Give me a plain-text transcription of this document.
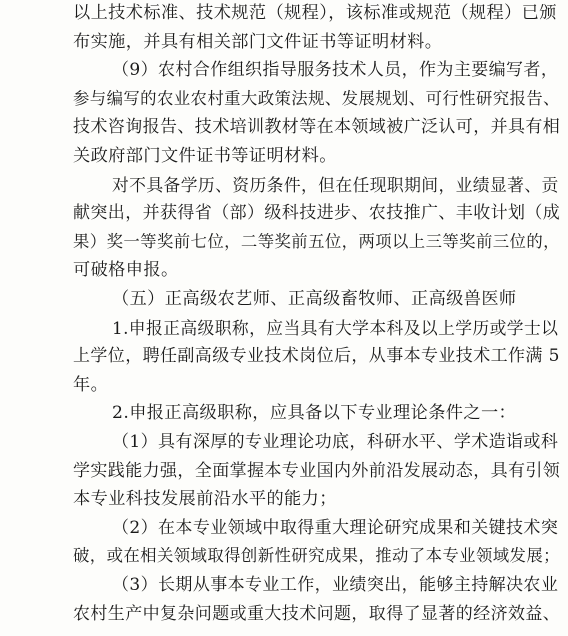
以上技术标准、技术规范（规程），该标准或规范（规程）已颁
布实施，并具有相关部门文件证书等证明材料。
（9）农村合作组织指导服务技术人员，作为主要编写者，
参与编写的农业农村重大政策法规、发展规划、可行性研究报告、
技术咨询报告、技术培训教材等在本领域被广泛认可，并具有相
关政府部门文件证书等证明材料。
对不具备学历、资历条件，但在任现职期间，业绩显著、贡
献突出，并获得省（部）级科技进步、农技推广、丰收计划（成
果）奖一等奖前七位，二等奖前五位，两项以上三等奖前三位的，
可破格申报。
（五）正高级农艺师、正高级畜牧师、正高级兽医师
1.申报正高级职称，应当具有大学本科及以上学历或学士以
上学位，聘任副高级专业技术岗位后，从事本专业技术工作满 5
年。
2.申报正高级职称，应具备以下专业理论条件之一：
（1）具有深厚的专业理论功底，科研水平、学术造诣或科
学实践能力强，全面掌握本专业国内外前沿发展动态，具有引领
本专业科技发展前沿水平的能力；
（2）在本专业领域中取得重大理论研究成果和关键技术突
破，或在相关领域取得创新性研究成果，推动了本专业领域发展；
（3）长期从事本专业工作，业绩突出，能够主持解决农业
农村生产中复杂问题或重大技术问题，取得了显著的经济效益、
